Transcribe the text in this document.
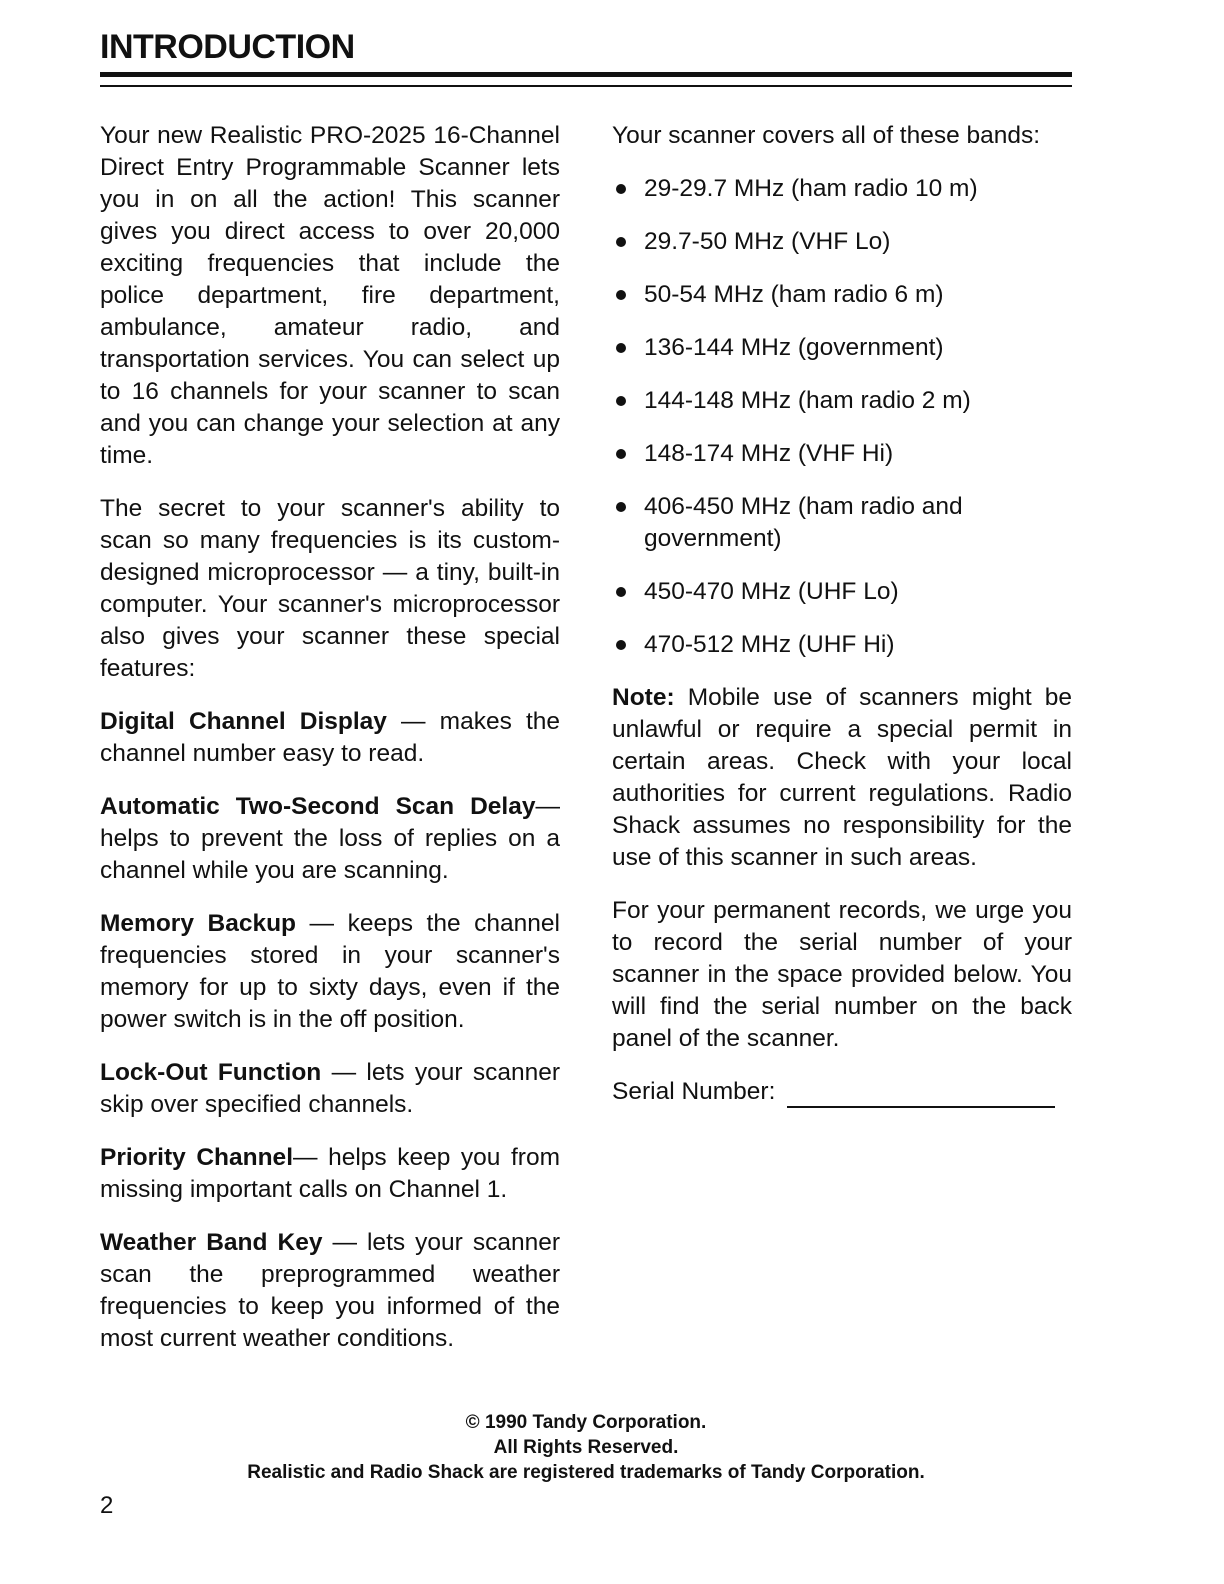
INTRODUCTION

Your new Realistic PRO-2025 16-Channel Direct Entry Programmable Scanner lets you in on all the action! This scanner gives you direct access to over 20,000 exciting frequencies that include the police department, fire department, ambulance, amateur radio, and transportation services. You can select up to 16 channels for your scanner to scan and you can change your selection at any time.

The secret to your scanner's ability to scan so many frequencies is its custom-designed microprocessor — a tiny, built-in computer. Your scanner's microprocessor also gives your scanner these special features:

Digital Channel Display — makes the channel number easy to read.

Automatic Two-Second Scan Delay— helps to prevent the loss of replies on a channel while you are scanning.

Memory Backup — keeps the channel frequencies stored in your scanner's memory for up to sixty days, even if the power switch is in the off position.

Lock-Out Function — lets your scanner skip over specified channels.

Priority Channel— helps keep you from missing important calls on Channel 1.

Weather Band Key — lets your scanner scan the preprogrammed weather frequencies to keep you informed of the most current weather conditions.

Your scanner covers all of these bands:

29-29.7 MHz (ham radio 10 m)
29.7-50 MHz (VHF Lo)
50-54 MHz (ham radio 6 m)
136-144 MHz (government)
144-148 MHz (ham radio 2 m)
148-174 MHz (VHF Hi)
406-450 MHz (ham radio and government)
450-470 MHz (UHF Lo)
470-512 MHz (UHF Hi)

Note: Mobile use of scanners might be unlawful or require a special permit in certain areas. Check with your local authorities for current regulations. Radio Shack assumes no responsibility for the use of this scanner in such areas.

For your permanent records, we urge you to record the serial number of your scanner in the space provided below. You will find the serial number on the back panel of the scanner.

Serial Number:
© 1990 Tandy Corporation.
All Rights Reserved.
Realistic and Radio Shack are registered trademarks of Tandy Corporation.
2
